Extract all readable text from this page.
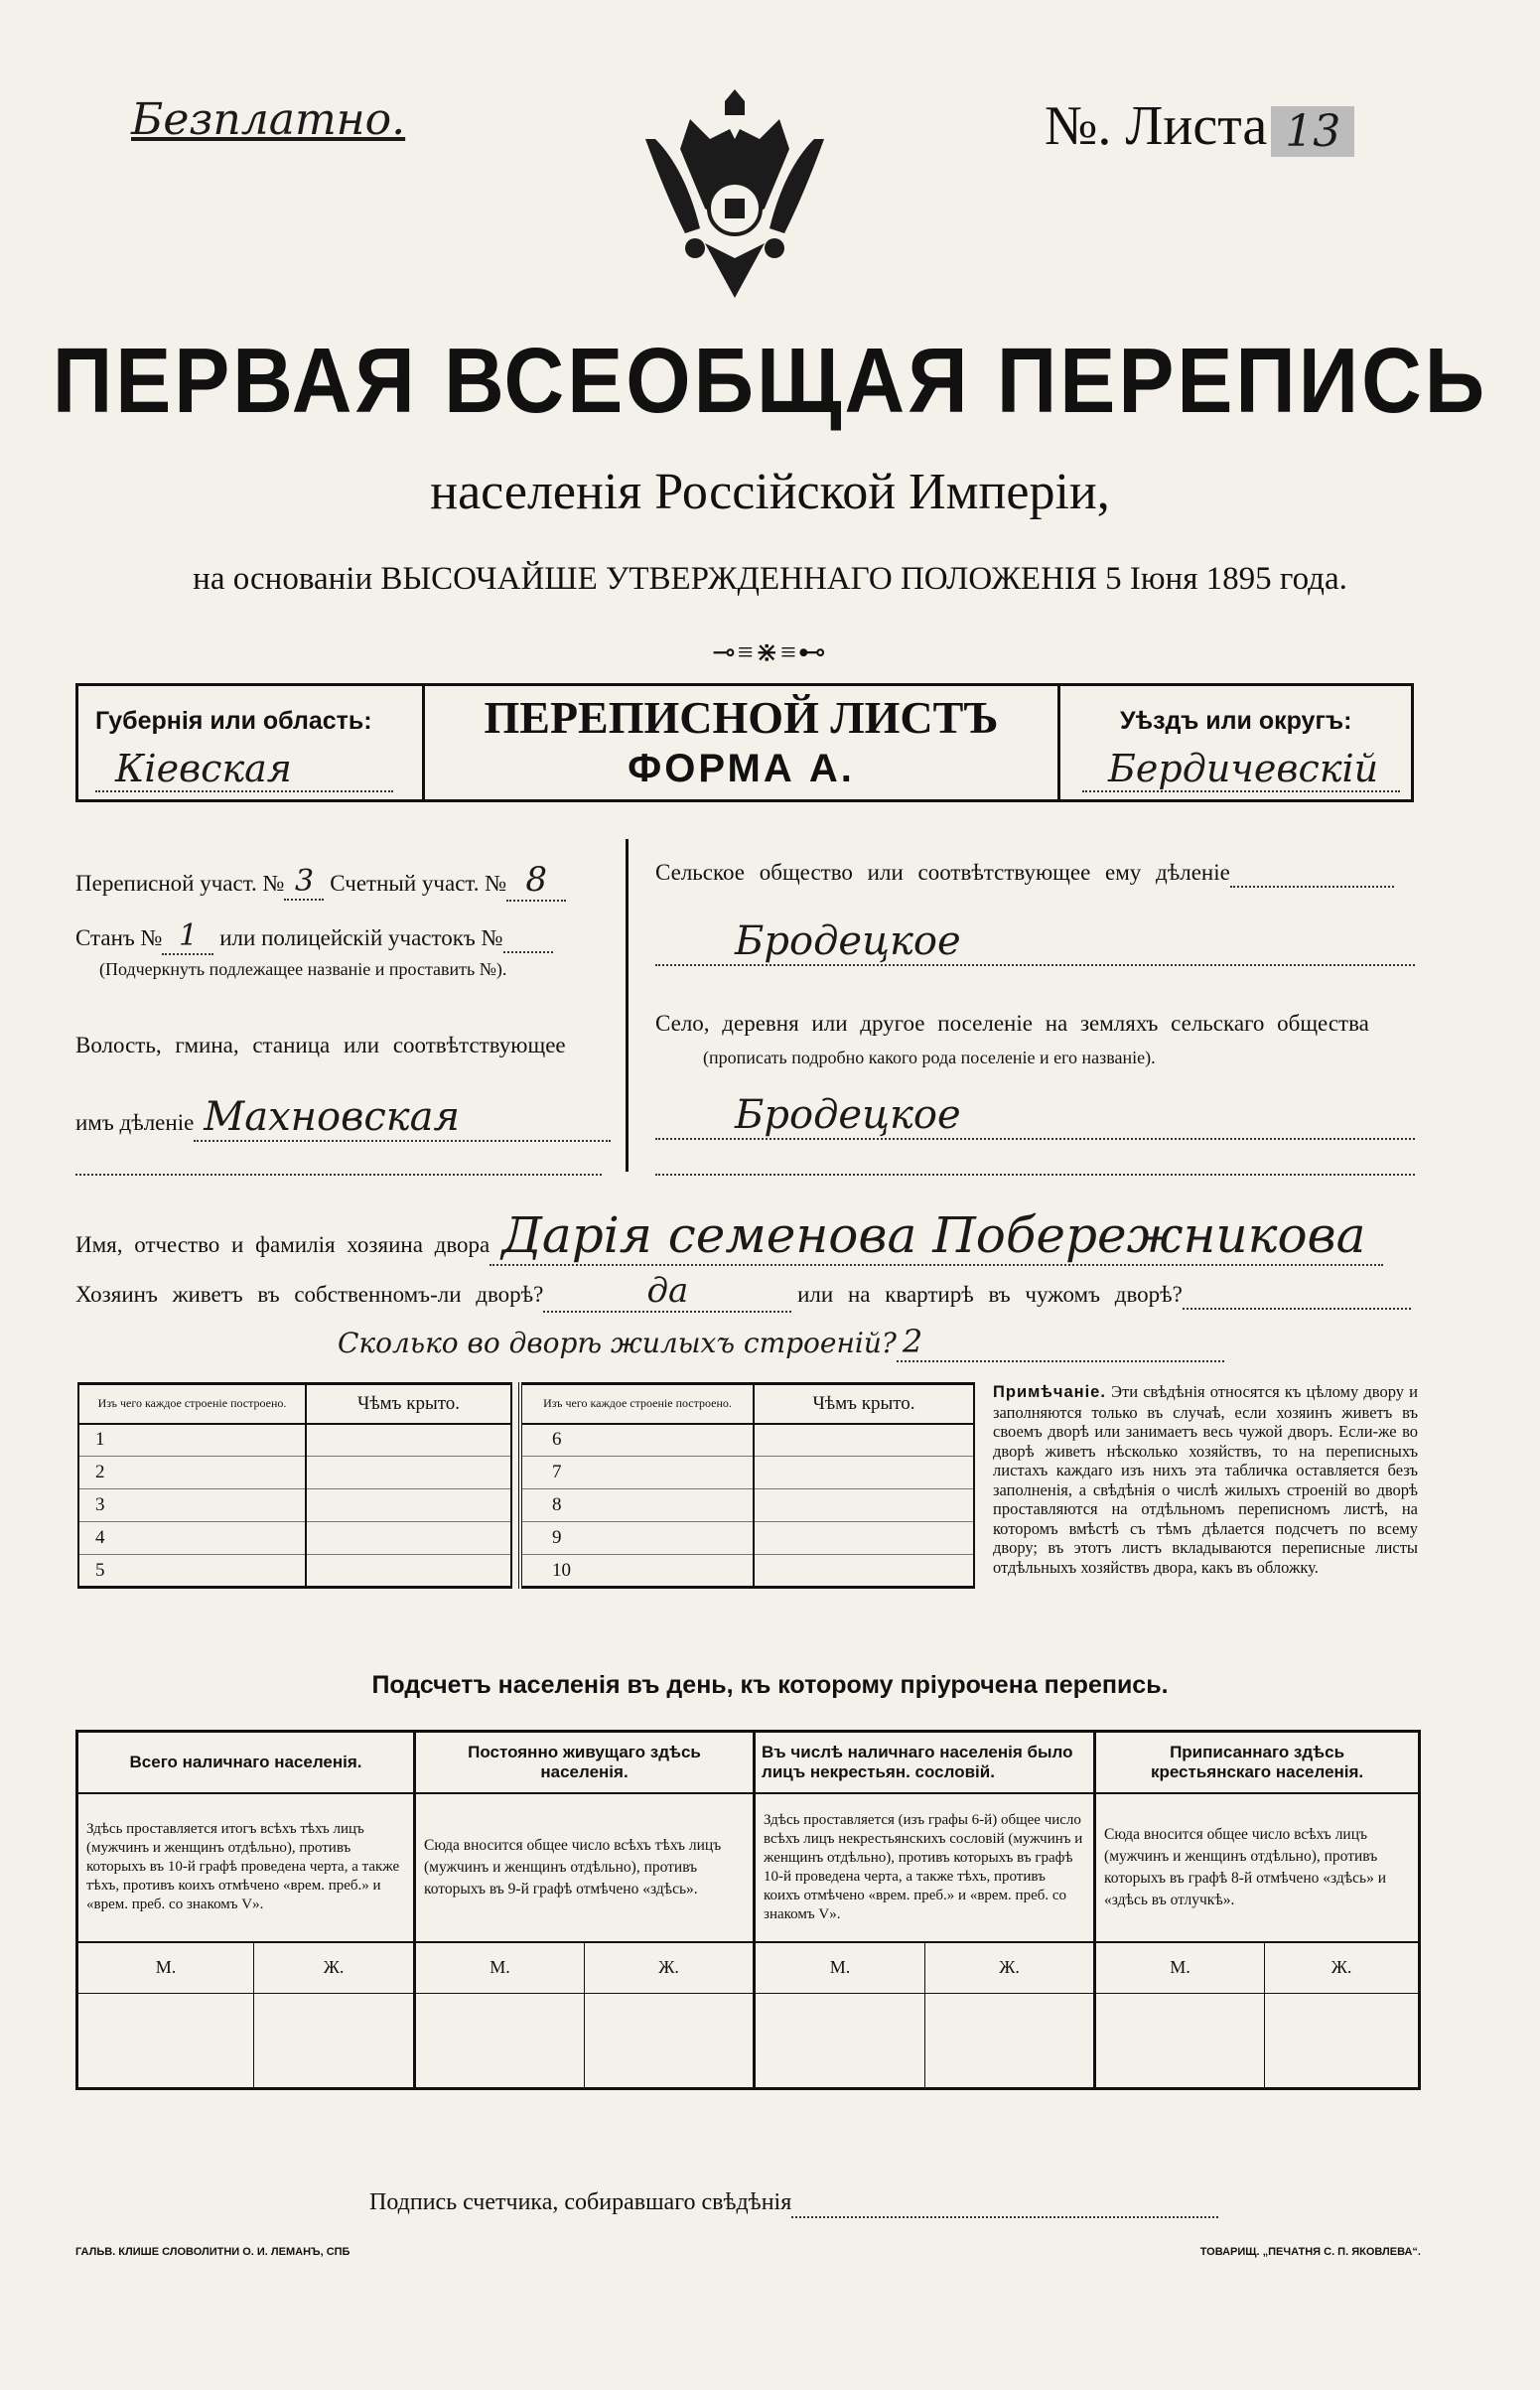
Безплатно.	№. Листа 13
ПЕРВАЯ ВСЕОБЩАЯ ПЕРЕПИСЬ
населенія Россійской Имперіи,
на основаніи ВЫСОЧАЙШЕ УТВЕРЖДЕННАГО ПОЛОЖЕНІЯ 5 Іюня 1895 года.
⊸≡⋇≡⊷
Губернія или область:
Кіевская
ПЕРЕПИСНОЙ ЛИСТЪ
ФОРМА А.
Уѣздъ или округъ:
Бердичевскій
Переписной участ. № 3 Счетный участ. № 8
Станъ № 1 или полицейскій участокъ №
(Подчеркнуть подлежащее названіе и проставить №).
Волость, гмина, станица или соотвѣтствующее
имъ дѣленіе Махновская
Сельское общество или соотвѣтствующее ему дѣленіе
Бродецкое
Село, деревня или другое поселеніе на земляхъ сельскаго общества
(прописать подробно какого рода поселеніе и его названіе).
Бродецкое
Имя, отчество и фамилія хозяина двора Дарія семенова Побережникова
Хозяинъ живетъ въ собственномъ-ли дворѣ?	да	или на квартирѣ въ чужомъ дворѣ?
Сколько во дворѣ жилыхъ строеній? 2
Изъ чего каждое строеніе построено.	Чѣмъ крыто.
1	
2	
3	
4	
5	
Изъ чего каждое строеніе построено.	Чѣмъ крыто.
6	
7	
8	
9	
10	
Примѣчаніе. Эти свѣдѣнія относятся къ цѣлому двору и заполняются только въ случаѣ, если хозяинъ живетъ въ своемъ дворѣ или занимаетъ весь чужой дворъ. Если-же во дворѣ живетъ нѣсколько хозяйствъ, то на переписныхъ листахъ каждаго изъ нихъ эта табличка оставляется безъ заполненія, а свѣдѣнія о числѣ жилыхъ строеній во дворѣ проставляются на отдѣльномъ переписномъ листѣ, на которомъ вмѣстѣ съ тѣмъ дѣлается подсчетъ по всему двору; въ этотъ листъ вкладываются переписные листы отдѣльныхъ хозяйствъ двора, какъ въ обложку.
Подсчетъ населенія въ день, къ которому пріурочена перепись.
Всего наличнаго населенія.		Постоянно живущаго здѣсь населенія.		Въ числѣ наличнаго населенія было лицъ некрестьян. сословій.		Приписаннаго здѣсь крестьянскаго населенія.	
Здѣсь проставляется итогъ всѣхъ тѣхъ лицъ (мужчинъ и женщинъ отдѣльно), противъ которыхъ въ 10-й графѣ проведена черта, а также тѣхъ, противъ коихъ отмѣчено «врем. преб.» и «врем. преб. со знакомъ V».		Сюда вносится общее число всѣхъ тѣхъ лицъ (мужчинъ и женщинъ отдѣльно), противъ которыхъ въ 9-й графѣ отмѣчено «здѣсь».		Здѣсь проставляется (изъ графы 6-й) общее число всѣхъ лицъ некрестьянскихъ сословій (мужчинъ и женщинъ отдѣльно), противъ которыхъ въ графѣ 10-й проведена черта, а также тѣхъ, противъ коихъ отмѣчено «врем. преб.» и «врем. преб. со знакомъ V».		Сюда вносится общее число всѣхъ лицъ (мужчинъ и женщинъ отдѣльно), противъ которыхъ въ графѣ 8-й отмѣчено «здѣсь» и «здѣсь въ отлучкѣ».	
М.	Ж.	М.	Ж.	М.	Ж.	М.	Ж.

Подпись счетчика, собиравшаго свѣдѣнія
ГАЛЬВ. КЛИШЕ СЛОВОЛИТНИ О. И. ЛЕМАНЪ, СПБ	ТОВАРИЩ. „ПЕЧАТНЯ С. П. ЯКОВЛЕВА“.
